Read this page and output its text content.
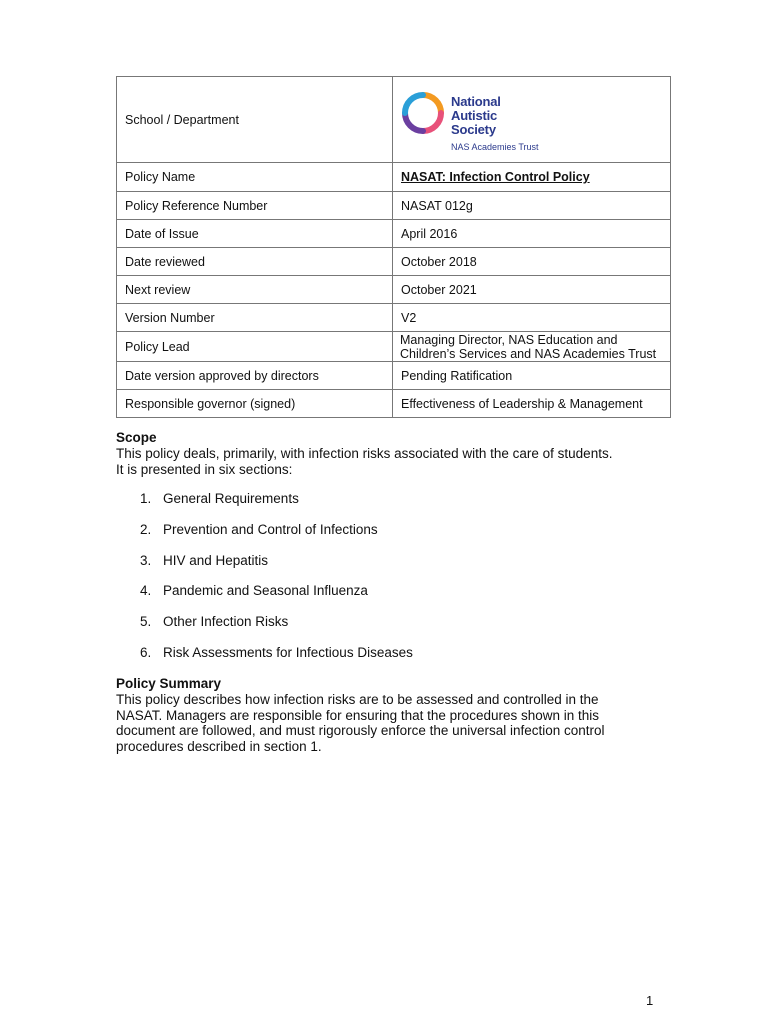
School / Department	National
Autistic
Society
NAS Academies Trust

Policy Name	NASAT: Infection Control Policy
Policy Reference Number	NASAT 012g
Date of Issue	April 2016
Date reviewed	October 2018
Next review	October 2021
Version Number	V2
Policy Lead	Managing Director, NAS Education and
Children’s Services and NAS Academies Trust

Date version approved by directors	Pending Ratification
Responsible governor (signed)	Effectiveness of Leadership & Management
Scope
This policy deals, primarily, with infection risks associated with the care of students.
It is presented in six sections:
1. General Requirements
2. Prevention and Control of Infections
3. HIV and Hepatitis
4. Pandemic and Seasonal Influenza
5. Other Infection Risks
6. Risk Assessments for Infectious Diseases
Policy Summary
This policy describes how infection risks are to be assessed and controlled in the
NASAT. Managers are responsible for ensuring that the procedures shown in this
document are followed, and must rigorously enforce the universal infection control
procedures described in section 1.
1
